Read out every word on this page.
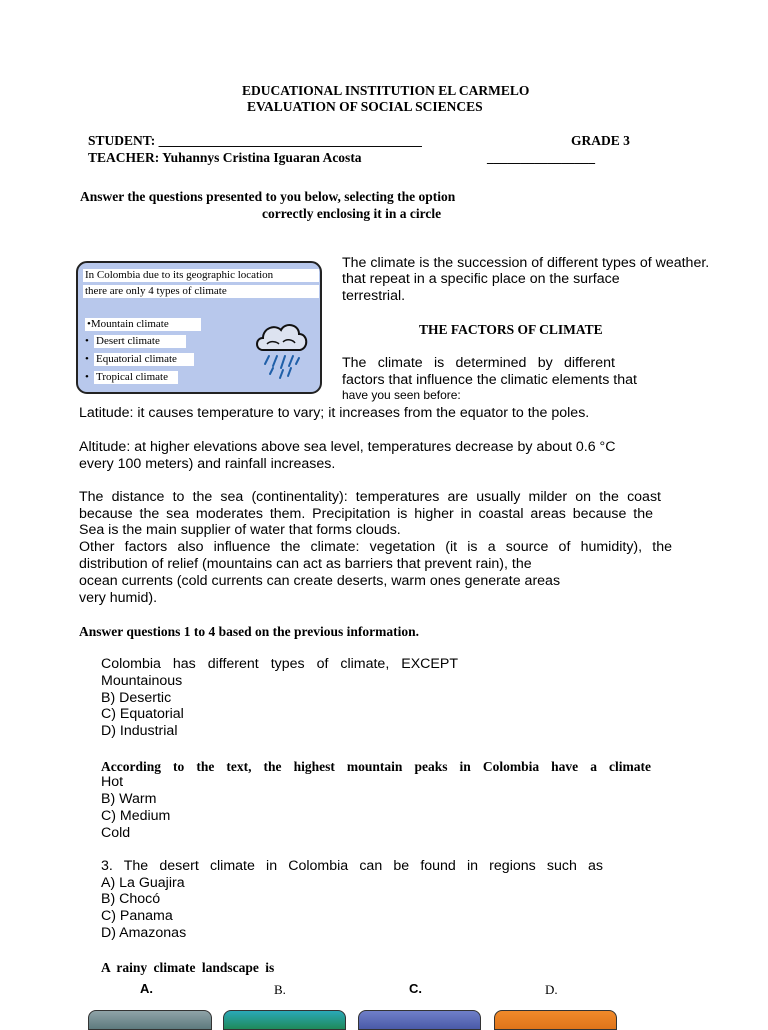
EDUCATIONAL INSTITUTION EL CARMELO
EVALUATION OF SOCIAL SCIENCES
STUDENT: _______________________________________	GRADE 3
TEACHER: Yuhannys Cristina Iguaran Acosta	________________
Answer the questions presented to you below, selecting the option
correctly enclosing it in a circle
In Colombia due to its geographic location
there are only 4 types of climate
•Mountain climate
• Desert climate
• Equatorial climate
• Tropical climate
The climate is the succession of different types of weather.
that repeat in a specific place on the surface
terrestrial.
THE FACTORS OF CLIMATE
The climate is determined by different
factors that influence the climatic elements that
have you seen before:
Latitude: it causes temperature to vary; it increases from the equator to the poles.
Altitude: at higher elevations above sea level, temperatures decrease by about 0.6 °C
every 100 meters) and rainfall increases.
The distance to the sea (continentality): temperatures are usually milder on the coast
because the sea moderates them. Precipitation is higher in coastal areas because the
Sea is the main supplier of water that forms clouds.
Other factors also influence the climate: vegetation (it is a source of humidity), the
distribution of relief (mountains can act as barriers that prevent rain), the
ocean currents (cold currents can create deserts, warm ones generate areas
very humid).
Answer questions 1 to 4 based on the previous information.
Colombia has different types of climate, EXCEPT
Mountainous
B) Desertic
C) Equatorial
D) Industrial
According to the text, the highest mountain peaks in Colombia have a climate
Hot
B) Warm
C) Medium
Cold
3. The desert climate in Colombia can be found in regions such as
A) La Guajira
B) Chocó
C) Panama
D) Amazonas
A rainy climate landscape is
A.	B.	C.	D.
